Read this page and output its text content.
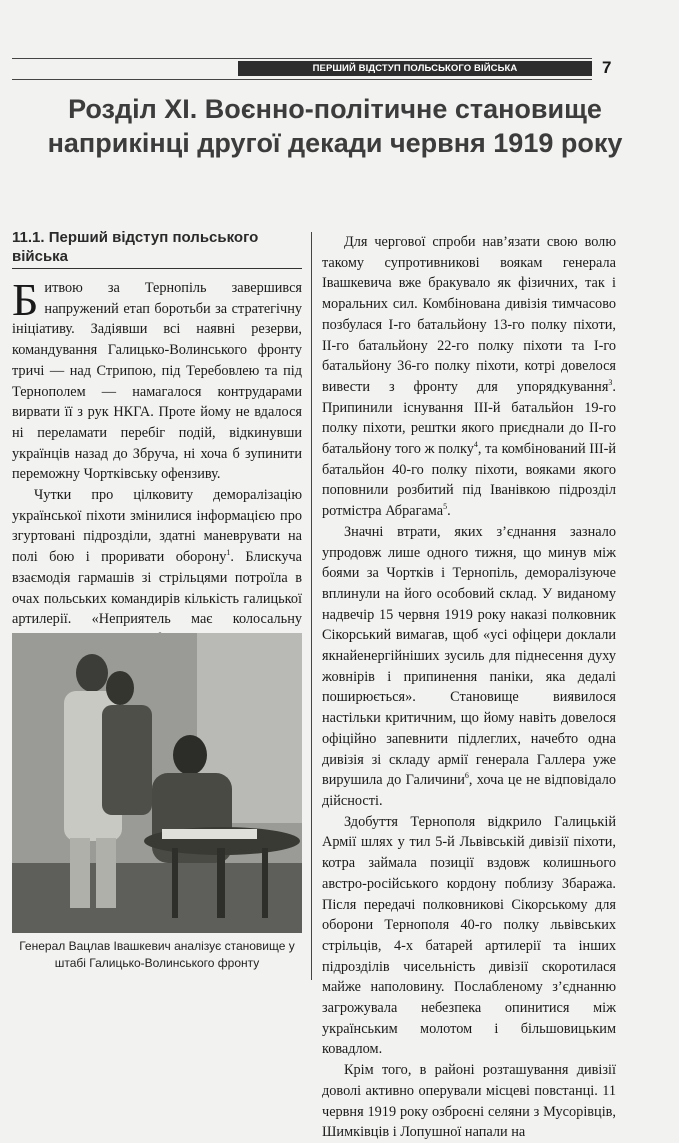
ПЕРШИЙ ВІДСТУП ПОЛЬСЬКОГО ВІЙСЬКА	7
Розділ XI. Воєнно-політичне становище
наприкінці другої декади червня 1919 року
11.1. Перший відступ польського війська

Битвою за Тернопіль завершився напружений етап боротьби за стратегічну ініціативу. Задіявши всі наявні резерви, командування Галицько-Волинського фронту тричі — над Стрипою, під Теребовлею та під Тернополем — намагалося контрударами вирвати її з рук НКГА. Проте йому не вдалося ні переламати перебіг подій, відкинувши українців назад до Збруча, ні хоча б зупинити переможну Чортківську офензиву.

Чутки про цілковиту деморалізацію української піхоти змінилися інформацією про згуртовані підрозділи, здатні маневрувати на полі бою і проривати оборону$^1$. Блискуча взаємодія гармашів зі стрільцями потроїла в очах польських командирів кількість галицької артилерії. «Неприятель має колосальну

Генерал Вацлав Івашкевич аналізує становище у штабі Галицько-Волинського фронту

Для чергової спроби нав’язати свою волю такому супротивникові воякам генерала Івашкевича вже бракувало як фізичних, так і моральних сил. Комбінована дивізія тимчасово позбулася I-го батальйону 13-го полку піхоти, II-го батальйону 22-го полку піхоти та I-го батальйону 36-го полку піхоти, котрі довелося вивести з фронту для упорядкування$^3$. Припинили існування III-й батальйон 19-го полку піхоти, рештки якого приєднали до II-го батальйону того ж полку$^4$, та комбінований III-й батальйон 40-го полку піхоти, вояками якого поповнили розбитий під Іванівкою підрозділ ротмістра Абрагама$^5$.

Значні втрати, яких з’єднання зазнало упродовж лише одного тижня, що минув між боями за Чортків і Тернопіль, деморалізуюче вплинули на його особовий склад. У виданому надвечір 15 червня 1919 року наказі полковник Сікорський вимагав, щоб «усі офіцери доклали якнайенергійніших зусиль для піднесення духу жовнірів і припинення паніки, яка дедалі поширюється». Становище виявилося настільки критичним, що йому навіть довелося офіційно запевнити підлеглих, начебто одна дивізія зі складу армії генерала Галлера уже вирушила до Галичини$^6$, хоча це не відповідало дійсності.

Здобуття Тернополя відкрило Галицькій Армії шлях у тил 5-й Львівській дивізії піхоти, котра займала позиції вздовж колишнього австро-російського кордону поблизу Збаража. Після передачі полковникові Сікорському для оборони Тернополя 40-го полку львівських стрільців, 4-х батарей артилерії та інших підрозділів чисельність дивізії скоротилася майже наполовину. Послабленому з’єднанню загрожувала небезпека опинитися між українським молотом і більшовицьким ковадлом.

Крім того, в районі розташування дивізії доволі активно оперували місцеві повстанці. 11 червня 1919 року озброєні селяни з Мусорівців, Шимківців і Лопушної напали на
